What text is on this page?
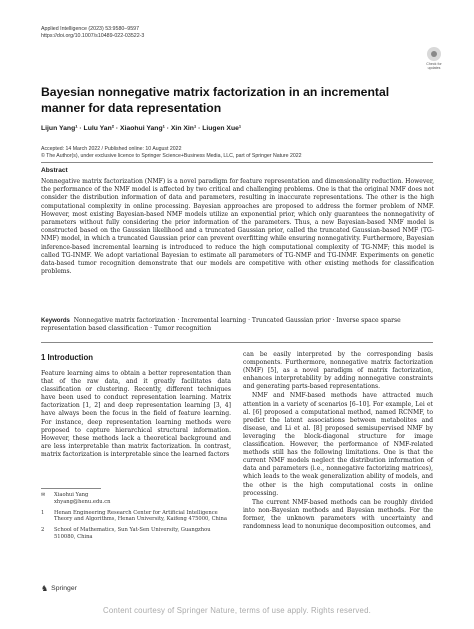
Applied Intelligence (2023) 53:9580–9597
https://doi.org/10.1007/s10489-022-03522-3
Check for updates
Bayesian nonnegative matrix factorization in an incremental manner for data representation
Lijun Yang¹ · Lulu Yan² · Xiaohui Yang¹ · Xin Xin¹ · Liugen Xue¹
Accepted: 14 March 2022 / Published online: 10 August 2022
© The Author(s), under exclusive licence to Springer Science+Business Media, LLC, part of Springer Nature 2022
Abstract
Nonnegative matrix factorization (NMF) is a novel paradigm for feature representation and dimensionality reduction. However, the performance of the NMF model is affected by two critical and challenging problems. One is that the original NMF does not consider the distribution information of data and parameters, resulting in inaccurate representations. The other is the high computational complexity in online processing. Bayesian approaches are proposed to address the former problem of NMF. However, most existing Bayesian-based NMF models utilize an exponential prior, which only guarantees the nonnegativity of parameters without fully considering the prior information of the parameters. Thus, a new Bayesian-based NMF model is constructed based on the Gaussian likelihood and a truncated Gaussian prior, called the truncated Gaussian-based NMF (TG-NMF) model, in which a truncated Gaussian prior can prevent overfitting while ensuring nonnegativity. Furthermore, Bayesian inference-based incremental learning is introduced to reduce the high computational complexity of TG-NMF; this model is called TG-INMF. We adopt variational Bayesian to estimate all parameters of TG-NMF and TG-INMF. Experiments on genetic data-based tumor recognition demonstrate that our models are competitive with other existing methods for classification problems.
Keywords Nonnegative matrix factorization · Incremental learning · Truncated Gaussian prior · Inverse space sparse representation based classification · Tumor recognition
1 Introduction

Feature learning aims to obtain a better representation than that of the raw data, and it greatly facilitates data classification or clustering. Recently, different techniques have been used to conduct representation learning. Matrix factorization [1, 2] and deep representation learning [3, 4] have always been the focus in the field of feature learning. For instance, deep representation learning methods were proposed to capture hierarchical structural information. However, these methods lack a theoretical background and are less interpretable than matrix factorization. In contrast, matrix factorization is interpretable since the learned factors

can be easily interpreted by the corresponding basis components. Furthermore, nonnegative matrix factorization (NMF) [5], as a novel paradigm of matrix factorization, enhances interpretability by adding nonnegative constraints and generating parts-based representations.

NMF and NMF-based methods have attracted much attention in a variety of scenarios [6–10]. For example, Lei et al. [6] proposed a computational method, named RCNMF, to predict the latent associations between metabolites and disease, and Li et al. [8] proposed semisupervised NMF by leveraging the block-diagonal structure for image classification. However, the performance of NMF-related methods still has the following limitations. One is that the current NMF models neglect the distribution information of data and parameters (i.e., nonnegative factorizing matrices), which leads to the weak generalization ability of models, and the other is the high computational costs in online processing.

The current NMF-based methods can be roughly divided into non-Bayesian methods and Bayesian methods. For the former, the unknown parameters with uncertainty and randomness lead to nonunique decomposition outcomes, and

✉ Xiaohui Yang
xhyang@henu.edu.cn
1 Henan Engineering Research Center for Artificial Intelligence Theory and Algorithms, Henan University, Kaifeng 475000, China
2 School of Mathematics, Sun Yat-Sen University, Guangzhou 510080, China
♞ Springer
Content courtesy of Springer Nature, terms of use apply. Rights reserved.
